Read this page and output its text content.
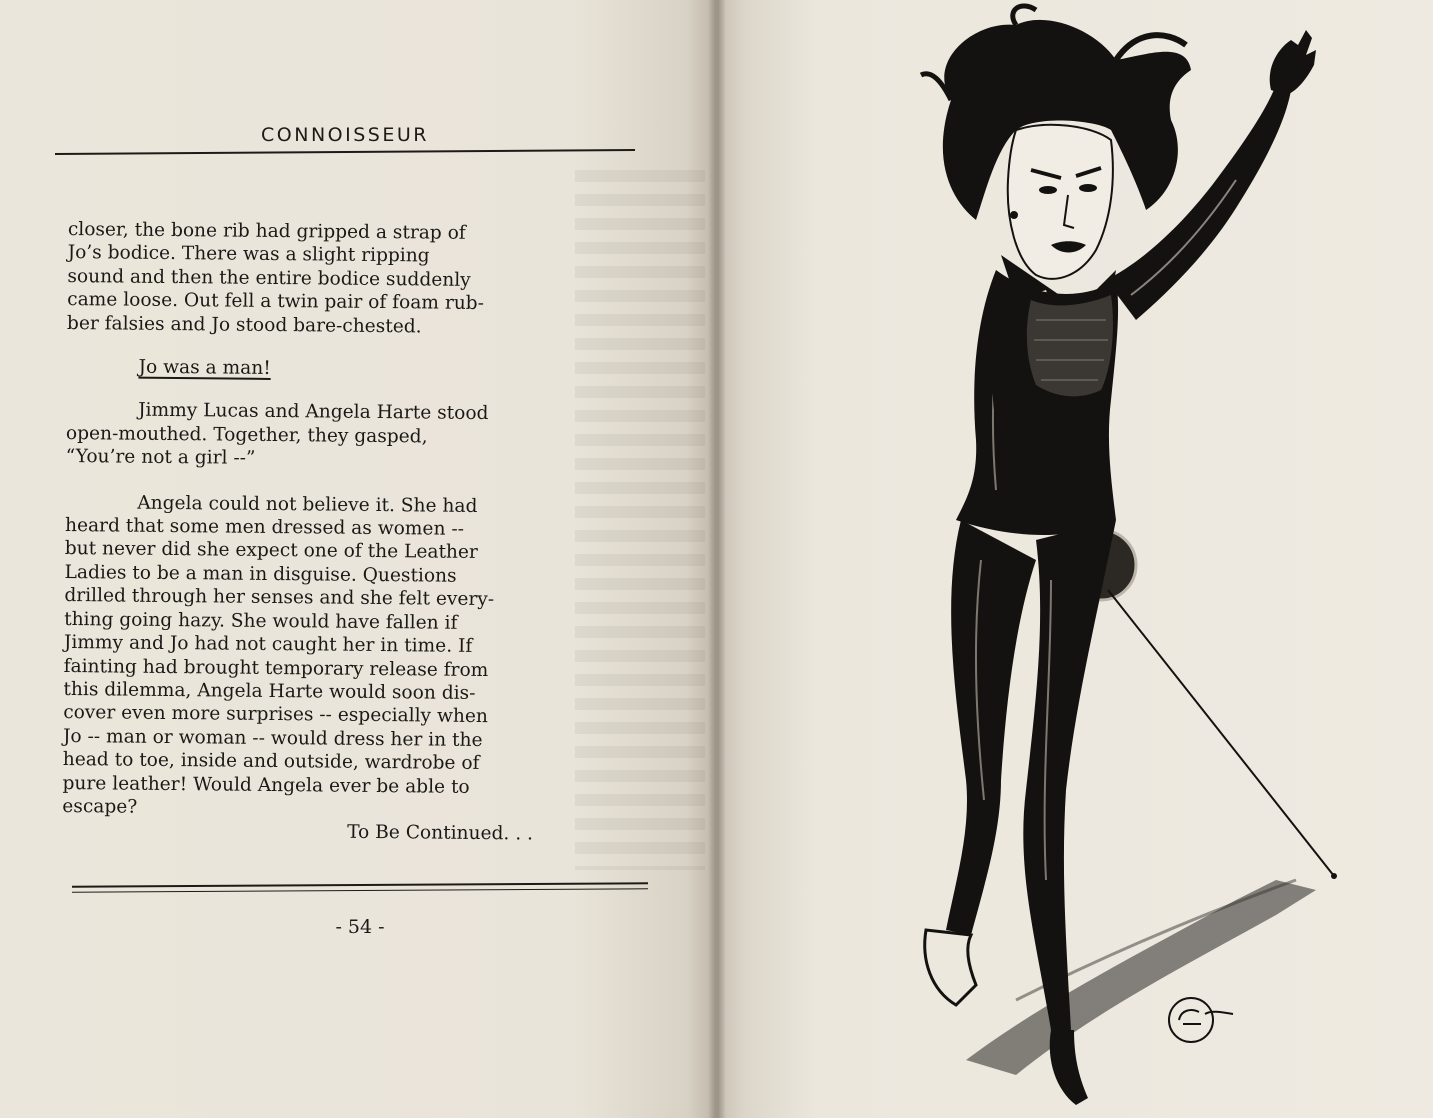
CONNOISSEUR
closer, the bone rib had gripped a strap of
Jo’s bodice. There was a slight ripping
sound and then the entire bodice suddenly
came loose. Out fell a twin pair of foam rub-
ber falsies and Jo stood bare-chested.
Jo was a man!
Jimmy Lucas and Angela Harte stood
open-mouthed. Together, they gasped,
“You’re not a girl --”
Angela could not believe it. She had
heard that some men dressed as women --
but never did she expect one of the Leather
Ladies to be a man in disguise. Questions
drilled through her senses and she felt every-
thing going hazy. She would have fallen if
Jimmy and Jo had not caught her in time. If
fainting had brought temporary release from
this dilemma, Angela Harte would soon dis-
cover even more surprises -- especially when
Jo -- man or woman -- would dress her in the
head to toe, inside and outside, wardrobe of
pure leather! Would Angela ever be able to
escape?
To Be Continued. . .
- 54 -
